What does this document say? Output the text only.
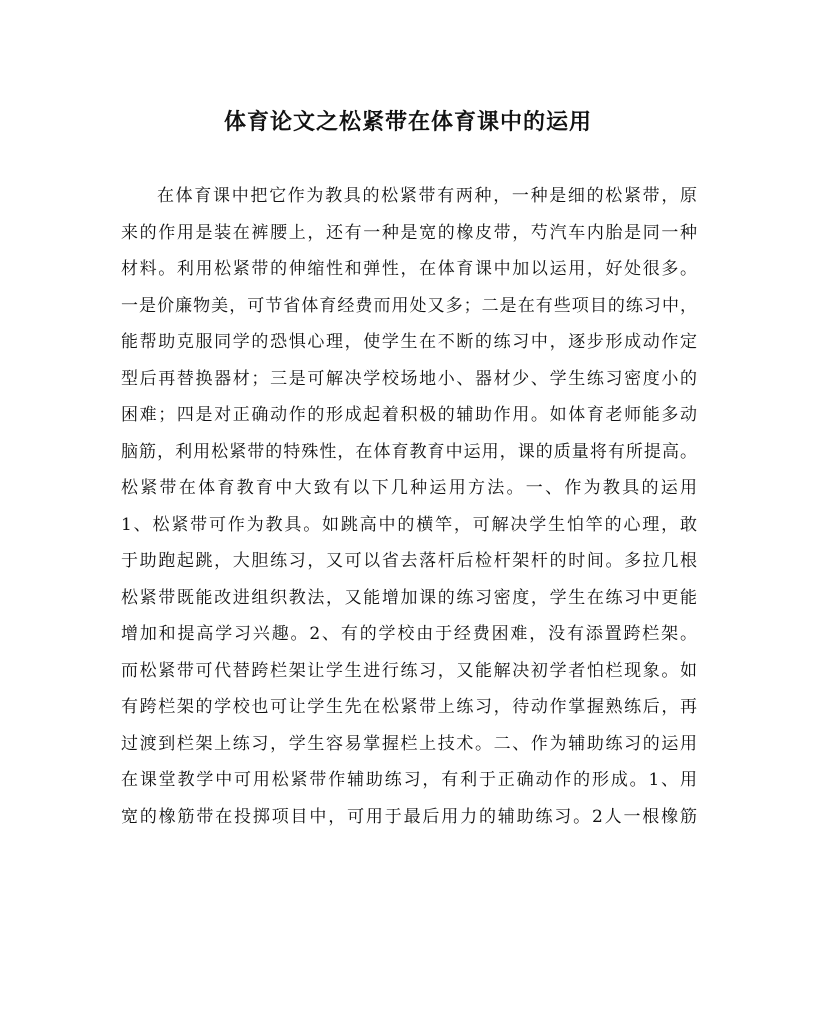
体育论文之松紧带在体育课中的运用
在体育课中把它作为教具的松紧带有两种，一种是细的松紧带，原
来的作用是装在裤腰上，还有一种是宽的橡皮带，芍汽车内胎是同一种
材料。利用松紧带的伸缩性和弹性，在体育课中加以运用，好处很多。
一是价廉物美，可节省体育经费而用处又多；二是在有些项目的练习中，
能帮助克服同学的恐惧心理，使学生在不断的练习中，逐步形成动作定
型后再替换器材；三是可解决学校场地小、器材少、学生练习密度小的
困难；四是对正确动作的形成起着积极的辅助作用。如体育老师能多动
脑筋，利用松紧带的特殊性，在体育教育中运用，课的质量将有所提高。
松紧带在体育教育中大致有以下几种运用方法。一、作为教具的运用
1、松紧带可作为教具。如跳高中的横竿，可解决学生怕竿的心理，敢
于助跑起跳，大胆练习，又可以省去落杆后检杆架杆的时间。多拉几根
松紧带既能改进组织教法，又能增加课的练习密度，学生在练习中更能
增加和提高学习兴趣。2、有的学校由于经费困难，没有添置跨栏架。
而松紧带可代替跨栏架让学生进行练习，又能解决初学者怕栏现象。如
有跨栏架的学校也可让学生先在松紧带上练习，待动作掌握熟练后，再
过渡到栏架上练习，学生容易掌握栏上技术。二、作为辅助练习的运用
在课堂教学中可用松紧带作辅助练习，有利于正确动作的形成。1、用
宽的橡筋带在投掷项目中，可用于最后用力的辅助练习。2人一根橡筋
